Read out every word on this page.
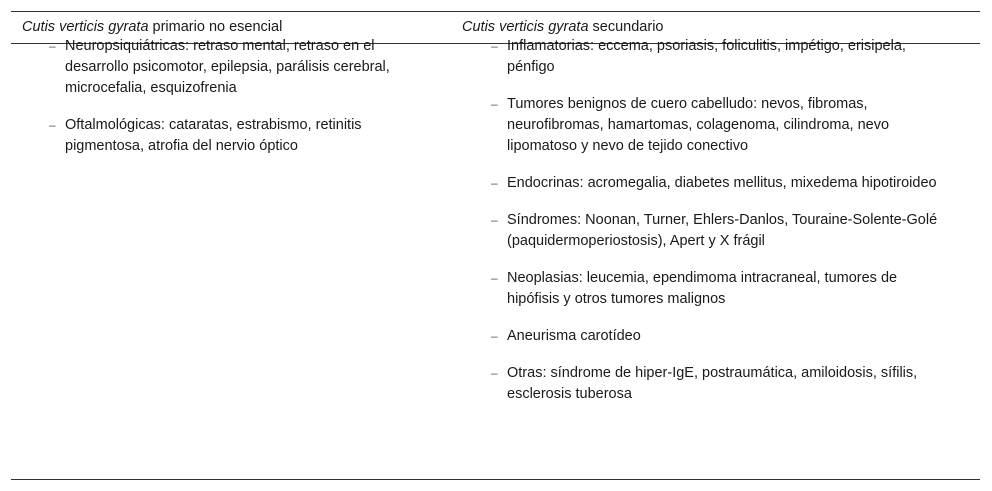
Cutis verticis gyrata primario no esencial	Cutis verticis gyrata secundario
– Neuropsiquiátricas: retraso mental, retraso en el desarrollo psicomotor, epilepsia, parálisis cerebral, microcefalia, esquizofrenia
– Oftalmológicas: cataratas, estrabismo, retinitis pigmentosa, atrofia del nervio óptico
– Inflamatorias: eccema, psoriasis, foliculitis, impétigo, erisipela, pénfigo
– Tumores benignos de cuero cabelludo: nevos, fibromas, neurofibromas, hamartomas, colagenoma, cilindroma, nevo lipomatoso y nevo de tejido conectivo
– Endocrinas: acromegalia, diabetes mellitus, mixedema hipotiroideo
– Síndromes: Noonan, Turner, Ehlers-Danlos, Touraine-Solente-Golé (paquidermoperiostosis), Apert y X frágil
– Neoplasias: leucemia, ependimoma intracraneal, tumores de hipófisis y otros tumores malignos
– Aneurisma carotídeo
– Otras: síndrome de hiper-IgE, postraumática, amiloidosis, sífilis, esclerosis tuberosa
